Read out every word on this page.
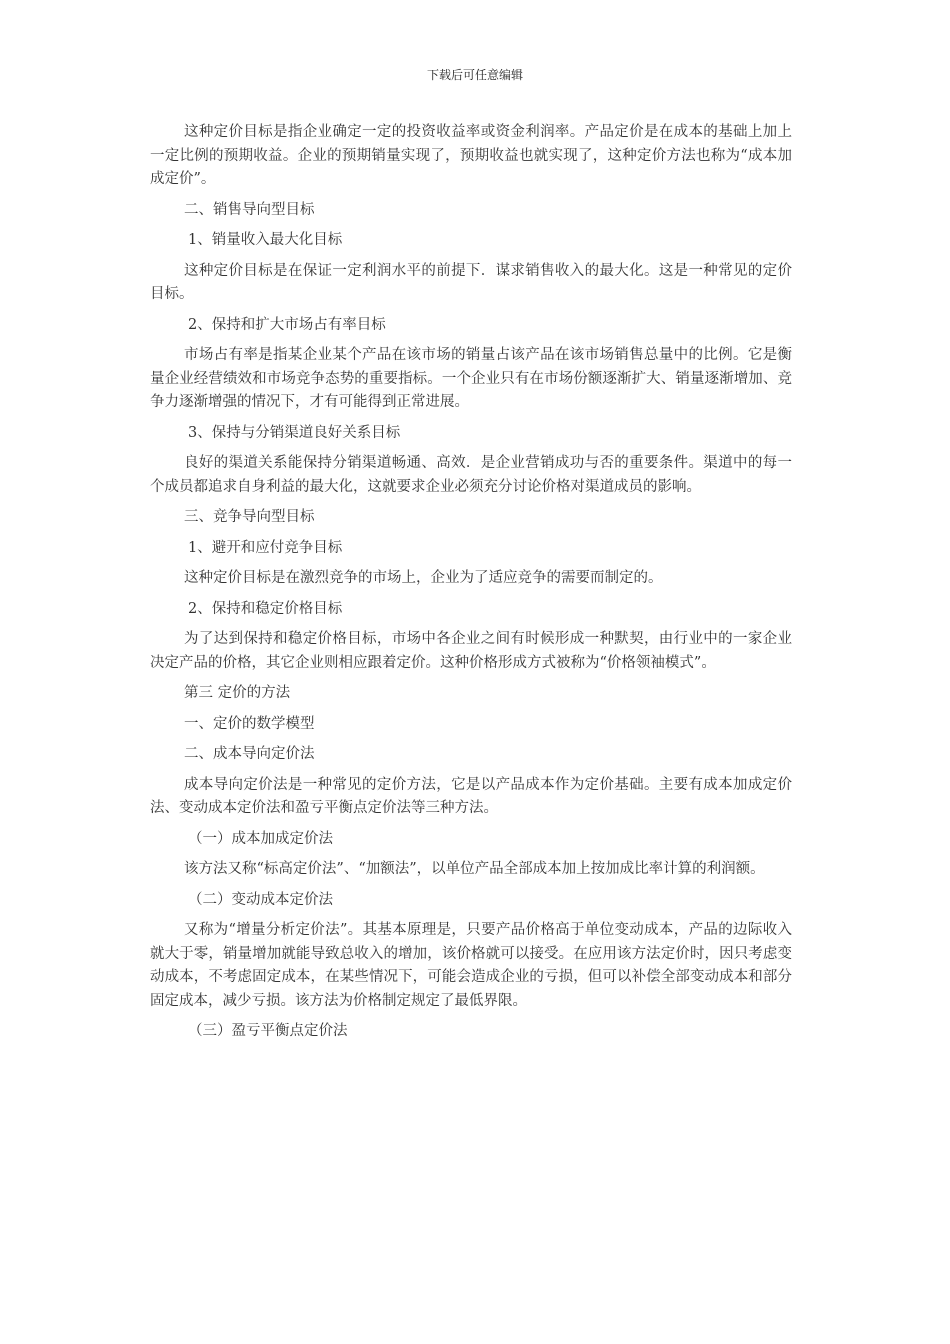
下载后可任意编辑

这种定价目标是指企业确定一定的投资收益率或资金利润率。产品定价是在成本的基础上加上一定比例的预期收益。企业的预期销量实现了，预期收益也就实现了，这种定价方法也称为“成本加成定价”。

二、销售导向型目标

1、销量收入最大化目标

这种定价目标是在保证一定利润水平的前提下．谋求销售收入的最大化。这是一种常见的定价目标。

2、保持和扩大市场占有率目标

市场占有率是指某企业某个产品在该市场的销量占该产品在该市场销售总量中的比例。它是衡量企业经营绩效和市场竞争态势的重要指标。一个企业只有在市场份额逐渐扩大、销量逐渐增加、竞争力逐渐增强的情况下，才有可能得到正常进展。

3、保持与分销渠道良好关系目标

良好的渠道关系能保持分销渠道畅通、高效．是企业营销成功与否的重要条件。渠道中的每一个成员都追求自身利益的最大化，这就要求企业必须充分讨论价格对渠道成员的影响。

三、竞争导向型目标

1、避开和应付竞争目标

这种定价目标是在激烈竞争的市场上，企业为了适应竞争的需要而制定的。

2、保持和稳定价格目标

为了达到保持和稳定价格目标，市场中各企业之间有时候形成一种默契，由行业中的一家企业决定产品的价格，其它企业则相应跟着定价。这种价格形成方式被称为“价格领袖模式”。

第三 定价的方法

一、定价的数学模型

二、成本导向定价法

成本导向定价法是一种常见的定价方法，它是以产品成本作为定价基础。主要有成本加成定价法、变动成本定价法和盈亏平衡点定价法等三种方法。

（一）成本加成定价法

该方法又称“标高定价法”、“加额法”，以单位产品全部成本加上按加成比率计算的利润额。

（二）变动成本定价法

又称为“增量分析定价法”。其基本原理是，只要产品价格高于单位变动成本，产品的边际收入就大于零，销量增加就能导致总收入的增加，该价格就可以接受。在应用该方法定价时，因只考虑变动成本，不考虑固定成本，在某些情况下，可能会造成企业的亏损，但可以补偿全部变动成本和部分固定成本，减少亏损。该方法为价格制定规定了最低界限。

（三）盈亏平衡点定价法
